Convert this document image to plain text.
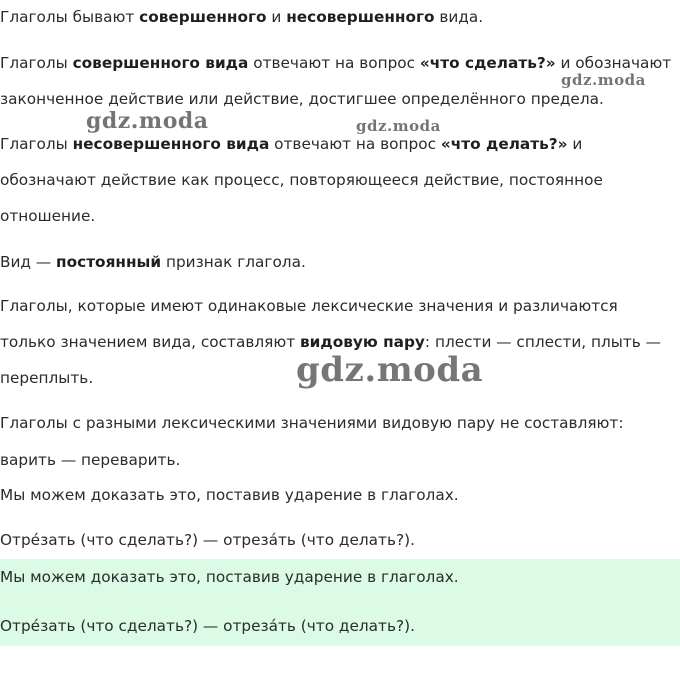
Глаголы бывают совершенного и несовершенного вида.

Глаголы совершенного вида отвечают на вопрос «что сделать?» и обозначают

законченное действие или действие, достигшее определённого предела.

Глаголы несовершенного вида отвечают на вопрос «что делать?» и

обозначают действие как процесс, повторяющееся действие, постоянное

отношение.

Вид — постоянный признак глагола.

Глаголы, которые имеют одинаковые лексические значения и различаются

только значением вида, составляют видовую пару: плести — сплести, плыть —

переплыть.

Глаголы с разными лексическими значениями видовую пару не составляют:

варить — переварить.

Мы можем доказать это, поставив ударение в глаголах.

Отрéзать (что сделать?) — отрезáть (что делать?).

Мы можем доказать это, поставив ударение в глаголах.

Отрéзать (что сделать?) — отрезáть (что делать?).

gdz.moda
gdz.moda	gdz.moda
gdz.moda
